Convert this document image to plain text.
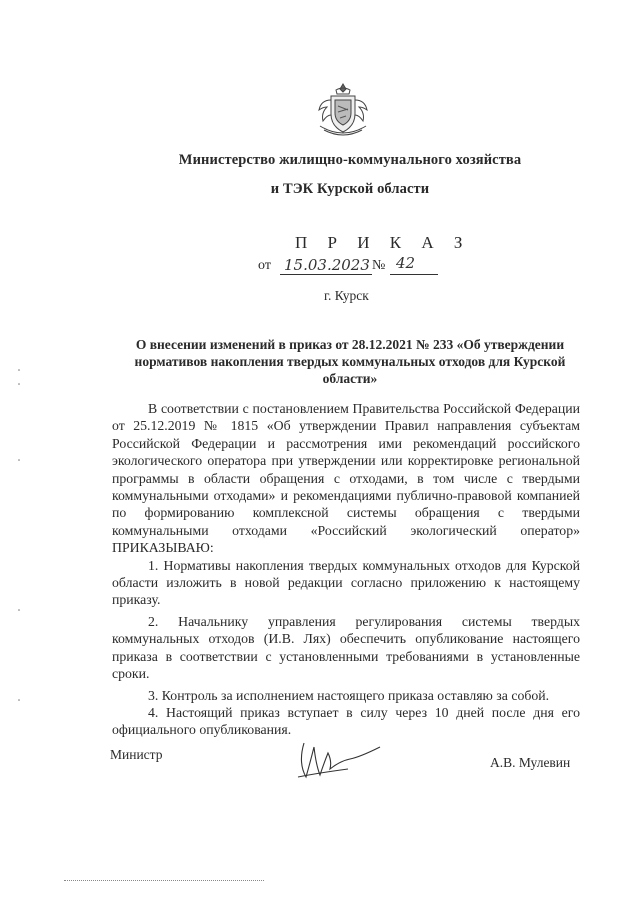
Министерство жилищно-коммунального хозяйства
и ТЭК Курской области
П Р И К А З
от 15.03.2023 № 42
г. Курск
О внесении изменений в приказ от 28.12.2021 № 233 «Об утверждении нормативов накопления твердых коммунальных отходов для Курской области»

В соответствии с постановлением Правительства Российской Федерации от 25.12.2019 № 1815 «Об утверждении Правил направления субъектам Российской Федерации и рассмотрения ими рекомендаций российского экологического оператора при утверждении или корректировке региональной программы в области обращения с отходами, в том числе с твердыми коммунальными отходами» и рекомендациями публично-правовой компанией по формированию комплексной системы обращения с твердыми коммунальными отходами «Российский экологический оператор» ПРИКАЗЫВАЮ:

1. Нормативы накопления твердых коммунальных отходов для Курской области изложить в новой редакции согласно приложению к настоящему приказу.

2. Начальнику управления регулирования системы твердых коммунальных отходов (И.В. Лях) обеспечить опубликование настоящего приказа в соответствии с установленными требованиями в установленные сроки.

3. Контроль за исполнением настоящего приказа оставляю за собой.

4. Настоящий приказ вступает в силу через 10 дней после дня его официального опубликования.

Министр
А.В. Мулевин
